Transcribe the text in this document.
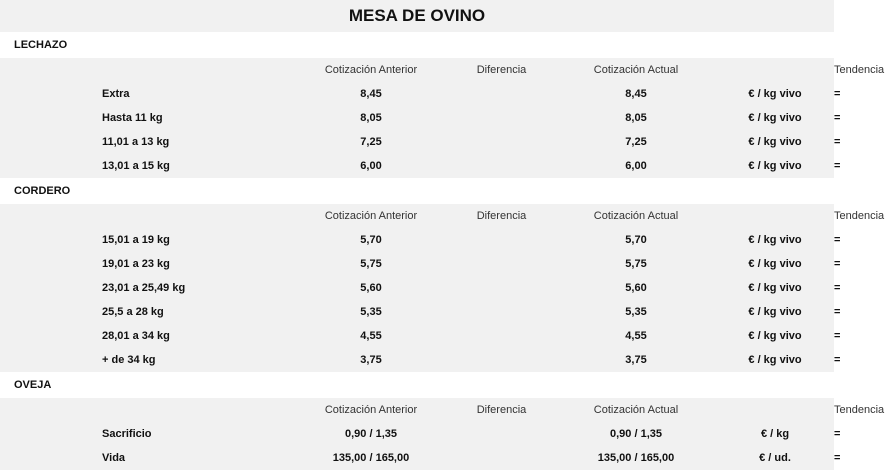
MESA DE OVINO
LECHAZO
Cotización Anterior	Diferencia	Cotización Actual	Tendencia
Extra	8,45	8,45	€ / kg vivo	=
Hasta 11 kg	8,05	8,05	€ / kg vivo	=
11,01 a 13 kg	7,25	7,25	€ / kg vivo	=
13,01 a 15 kg	6,00	6,00	€ / kg vivo	=
CORDERO
Cotización Anterior	Diferencia	Cotización Actual	Tendencia
15,01 a 19 kg	5,70	5,70	€ / kg vivo	=
19,01 a 23 kg	5,75	5,75	€ / kg vivo	=
23,01 a 25,49 kg	5,60	5,60	€ / kg vivo	=
25,5 a 28 kg	5,35	5,35	€ / kg vivo	=
28,01 a 34 kg	4,55	4,55	€ / kg vivo	=
+ de 34 kg	3,75	3,75	€ / kg vivo	=
OVEJA
Cotización Anterior	Diferencia	Cotización Actual	Tendencia
Sacrificio	0,90 / 1,35	0,90 / 1,35	€ / kg	=
Vida	135,00 / 165,00	135,00 / 165,00	€ / ud.	=
